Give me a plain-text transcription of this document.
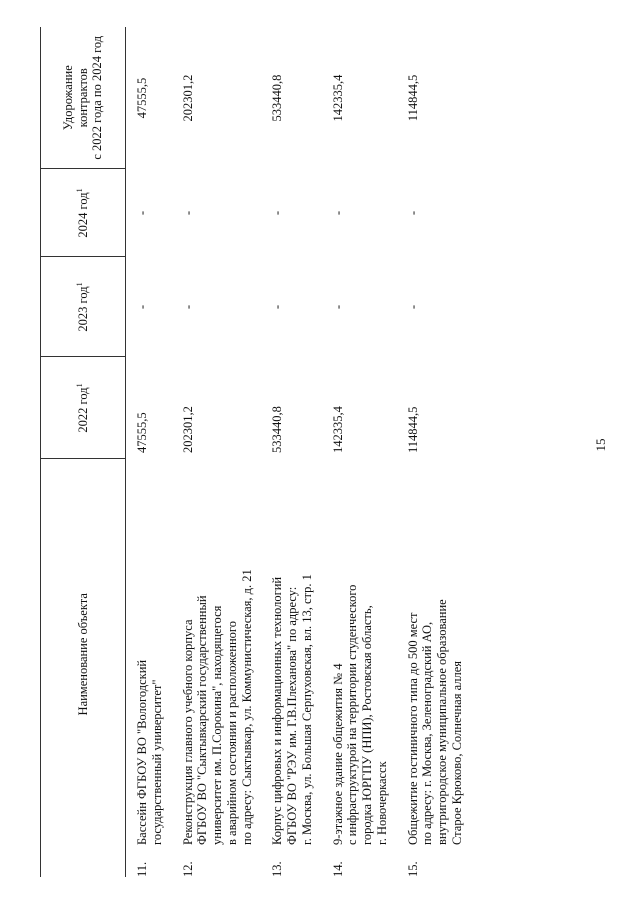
15
	Наименование объекта	2022 год$^1$	2023 год$^1$	2024 год$^1$	Удорожание контрактов с 2022 года по 2024 год

11.	Бассейн ФГБОУ ВО "Вологодский государственный университет"	47555,5	-	-	47555,5
12.	Реконструкция главного учебного корпуса ФГБОУ ВО "Сыктывкарский государственный университет им. П.Сорокина", находящегося в аварийном состоянии и расположенного по адресу: Сыктывкар, ул. Коммунистическая, д. 21	202301,2	-	-	202301,2
13.	Корпус цифровых и информационных технологий ФГБОУ ВО "РЭУ им. Г.В.Плеханова" по адресу: г. Москва, ул. Большая Серпуховская, вл. 13, стр. 1	533440,8	-	-	533440,8
14.	9-этажное здание общежития № 4 с инфраструктурой на территории студенческого городка ЮРГПУ (НПИ), Ростовская область, г. Новочеркасск	142335,4	-	-	142335,4
15.	Общежитие гостиничного типа до 500 мест по адресу: г. Москва, Зеленоградский АО, внутригородское муниципальное образование Старое Крюково, Солнечная аллея	114844,5	-	-	114844,5
